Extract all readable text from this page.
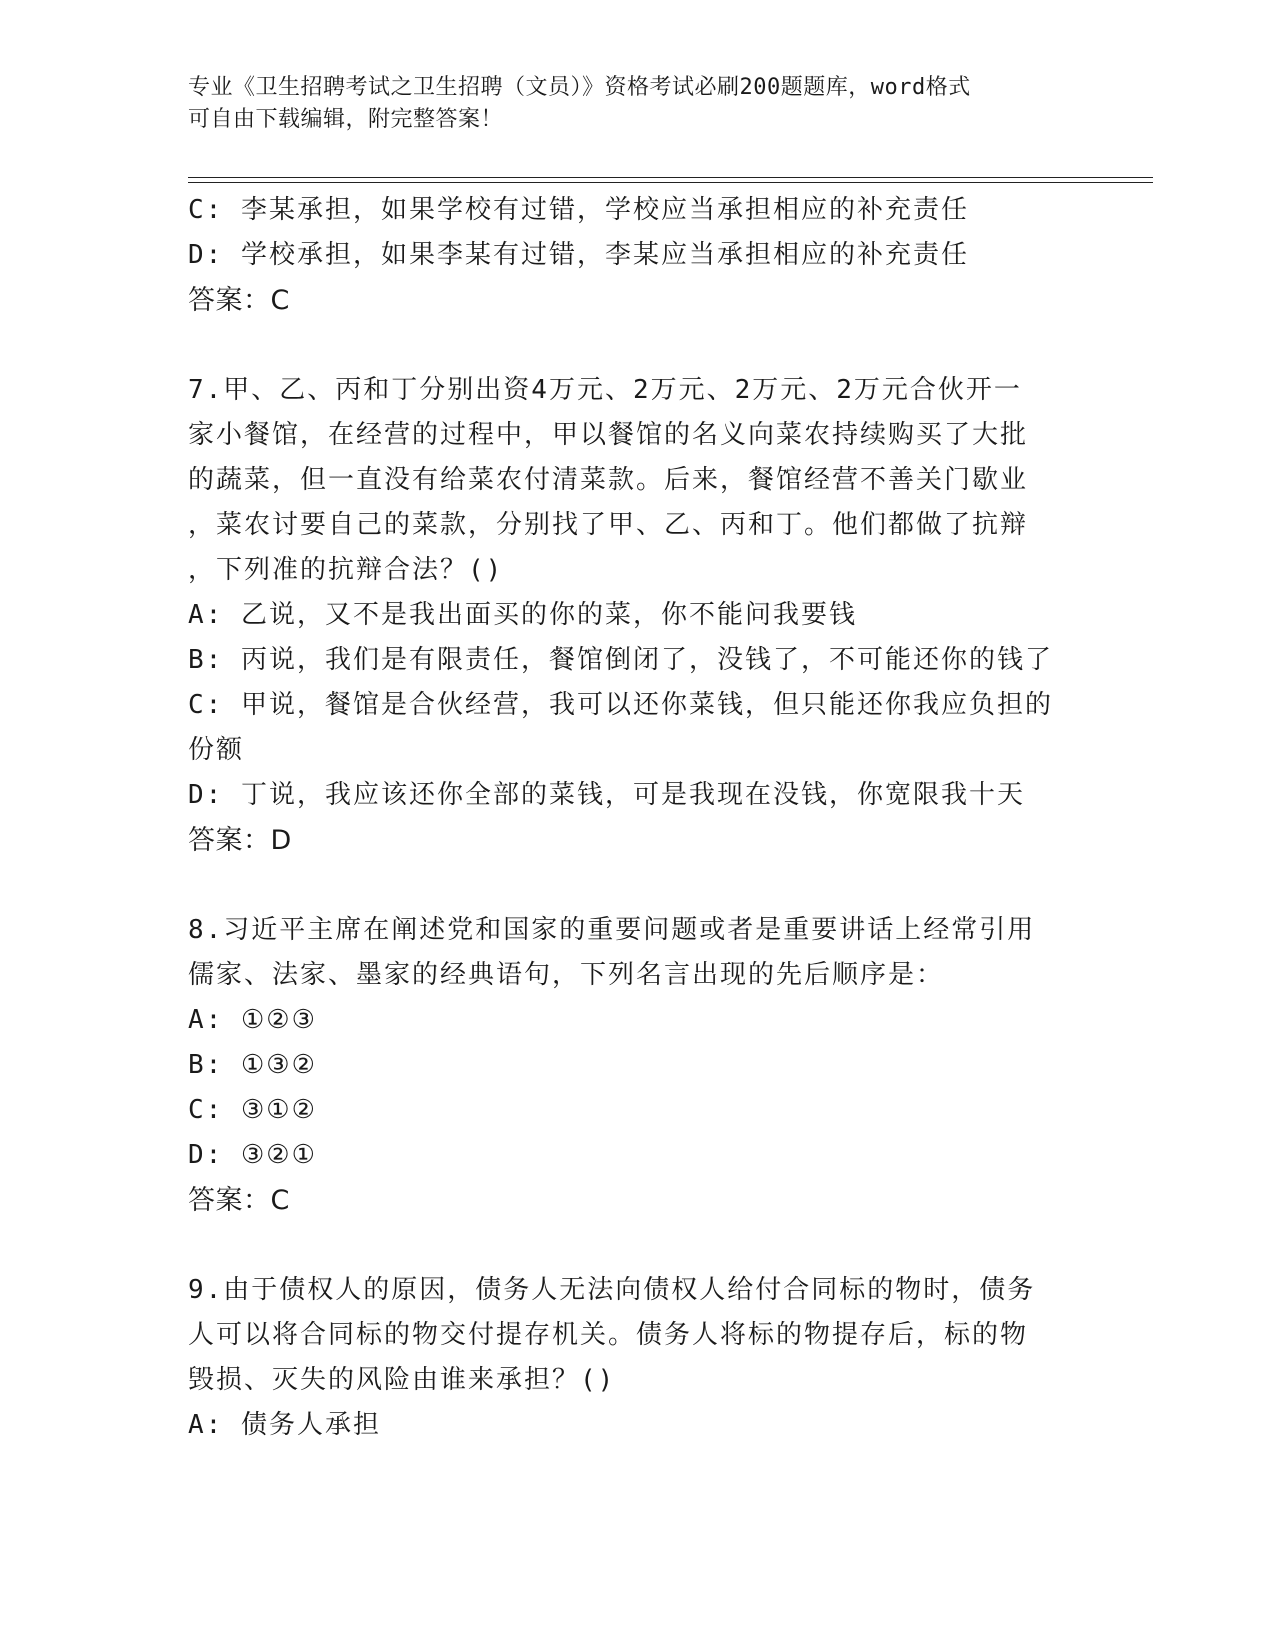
专业《卫生招聘考试之卫生招聘（文员）》资格考试必刷200题题库，word格式
可自由下载编辑，附完整答案！
C: 李某承担，如果学校有过错，学校应当承担相应的补充责任
D: 学校承担，如果李某有过错，李某应当承担相应的补充责任
答案：C
7.甲、乙、丙和丁分别出资4万元、2万元、2万元、2万元合伙开一
家小餐馆，在经营的过程中，甲以餐馆的名义向菜农持续购买了大批
的蔬菜，但一直没有给菜农付清菜款。后来，餐馆经营不善关门歇业
，菜农讨要自己的菜款，分别找了甲、乙、丙和丁。他们都做了抗辩
，下列准的抗辩合法？()
A: 乙说，又不是我出面买的你的菜，你不能问我要钱
B: 丙说，我们是有限责任，餐馆倒闭了，没钱了，不可能还你的钱了
C: 甲说，餐馆是合伙经营，我可以还你菜钱，但只能还你我应负担的
份额
D: 丁说，我应该还你全部的菜钱，可是我现在没钱，你宽限我十天
答案：D
8.习近平主席在阐述党和国家的重要问题或者是重要讲话上经常引用
儒家、法家、墨家的经典语句，下列名言出现的先后顺序是：
A: ①②③
B: ①③②
C: ③①②
D: ③②①
答案：C
9.由于债权人的原因，债务人无法向债权人给付合同标的物时，债务
人可以将合同标的物交付提存机关。债务人将标的物提存后，标的物
毁损、灭失的风险由谁来承担？()
A: 债务人承担
